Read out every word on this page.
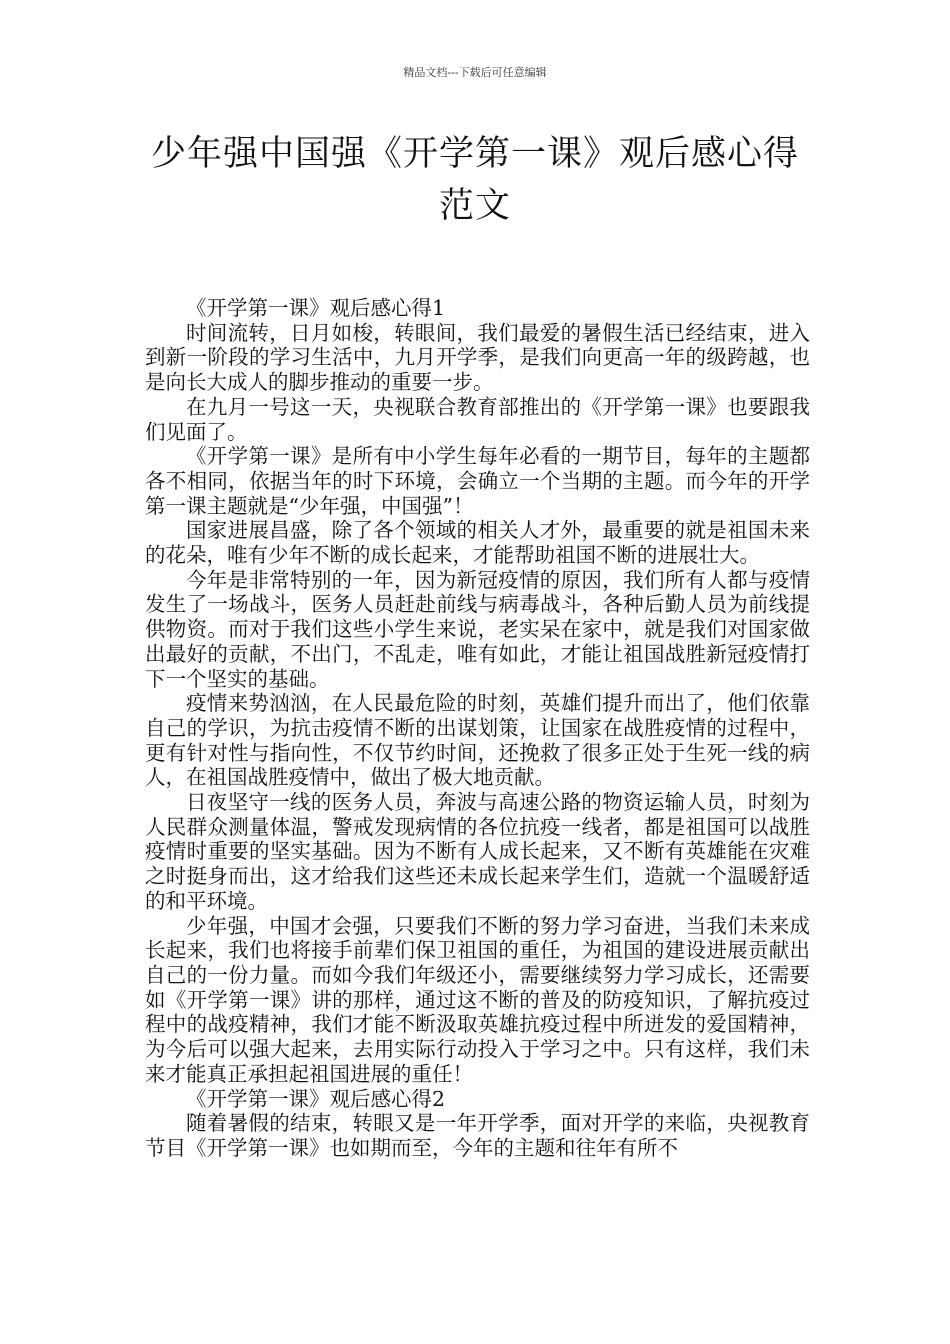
精品文档---下载后可任意编辑
少年强中国强《开学第一课》观后感心得范文

《开学第一课》观后感心得1

时间流转，日月如梭，转眼间，我们最爱的暑假生活已经结束，进入到新一阶段的学习生活中，九月开学季，是我们向更高一年的级跨越，也是向长大成人的脚步推动的重要一步。

在九月一号这一天，央视联合教育部推出的《开学第一课》也要跟我们见面了。

《开学第一课》是所有中小学生每年必看的一期节目，每年的主题都各不相同，依据当年的时下环境，会确立一个当期的主题。而今年的开学第一课主题就是“少年强，中国强”！

国家进展昌盛，除了各个领域的相关人才外，最重要的就是祖国未来的花朵，唯有少年不断的成长起来，才能帮助祖国不断的进展壮大。

今年是非常特别的一年，因为新冠疫情的原因，我们所有人都与疫情发生了一场战斗，医务人员赶赴前线与病毒战斗，各种后勤人员为前线提供物资。而对于我们这些小学生来说，老实呆在家中，就是我们对国家做出最好的贡献，不出门，不乱走，唯有如此，才能让祖国战胜新冠疫情打下一个坚实的基础。

疫情来势汹汹，在人民最危险的时刻，英雄们提升而出了，他们依靠自己的学识，为抗击疫情不断的出谋划策，让国家在战胜疫情的过程中，更有针对性与指向性，不仅节约时间，还挽救了很多正处于生死一线的病人，在祖国战胜疫情中，做出了极大地贡献。

日夜坚守一线的医务人员，奔波与高速公路的物资运输人员，时刻为人民群众测量体温，警戒发现病情的各位抗疫一线者，都是祖国可以战胜疫情时重要的坚实基础。因为不断有人成长起来，又不断有英雄能在灾难之时挺身而出，这才给我们这些还未成长起来学生们，造就一个温暖舒适的和平环境。

少年强，中国才会强，只要我们不断的努力学习奋进，当我们未来成长起来，我们也将接手前辈们保卫祖国的重任，为祖国的建设进展贡献出自己的一份力量。而如今我们年级还小，需要继续努力学习成长，还需要如《开学第一课》讲的那样，通过这不断的普及的防疫知识，了解抗疫过程中的战疫精神，我们才能不断汲取英雄抗疫过程中所迸发的爱国精神，为今后可以强大起来，去用实际行动投入于学习之中。只有这样，我们未来才能真正承担起祖国进展的重任！

《开学第一课》观后感心得2

随着暑假的结束，转眼又是一年开学季，面对开学的来临，央视教育节目《开学第一课》也如期而至，今年的主题和往年有所不
